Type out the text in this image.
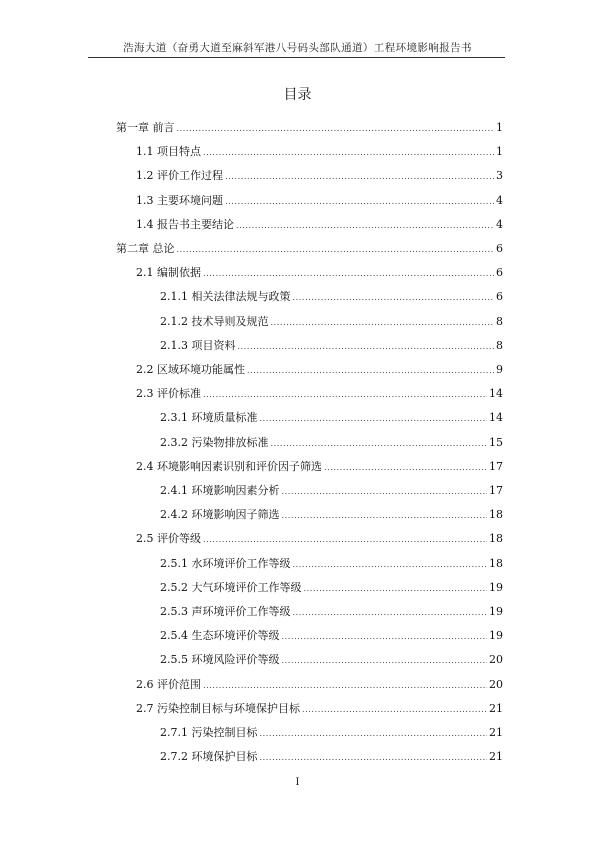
浩海大道（奋勇大道至麻斜军港八号码头部队通道）工程环境影响报告书
目录
第一章 前言 .....	1
1.1 项目特点 .....	1
1.2 评价工作过程 .....	3
1.3 主要环境问题 .....	4
1.4 报告书主要结论 .....	4
第二章 总论 .....	6
2.1 编制依据 .....	6
2.1.1 相关法律法规与政策 .....	6
2.1.2 技术导则及规范 .....	8
2.1.3 项目资料 .....	8
2.2 区域环境功能属性 .....	9
2.3 评价标准 .....	14
2.3.1 环境质量标准 .....	14
2.3.2 污染物排放标准 .....	15
2.4 环境影响因素识别和评价因子筛选 .....	17
2.4.1 环境影响因素分析 .....	17
2.4.2 环境影响因子筛选 .....	18
2.5 评价等级 .....	18
2.5.1 水环境评价工作等级 .....	18
2.5.2 大气环境评价工作等级 .....	19
2.5.3 声环境评价工作等级 .....	19
2.5.4 生态环境评价等级 .....	19
2.5.5 环境风险评价等级 .....	20
2.6 评价范围 .....	20
2.7 污染控制目标与环境保护目标 .....	21
2.7.1 污染控制目标 .....	21
2.7.2 环境保护目标 .....	21
I
